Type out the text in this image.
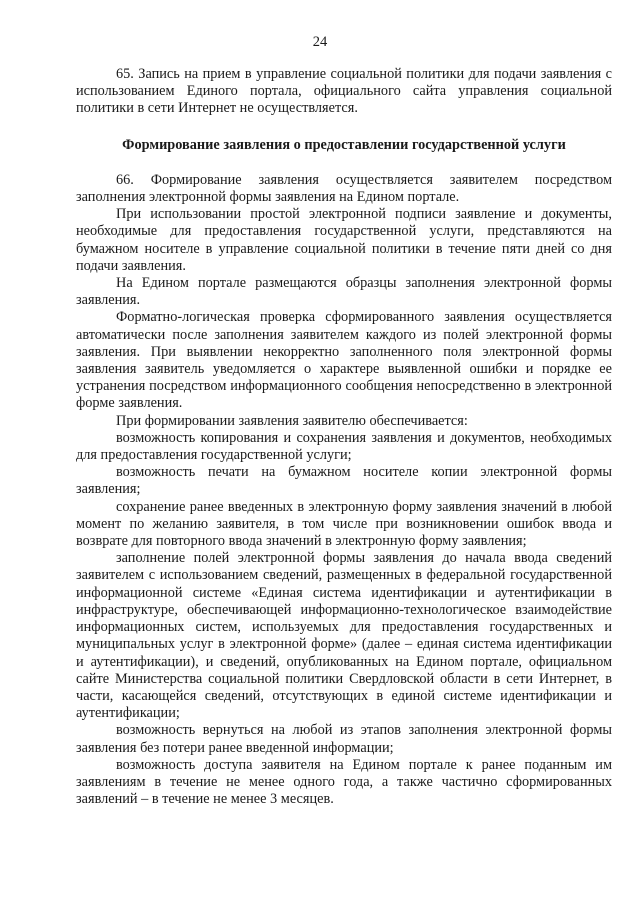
24

65. Запись на прием в управление социальной политики для подачи заявления с использованием Единого портала, официального сайта управления социальной политики в сети Интернет не осуществляется.

Формирование заявления о предоставлении государственной услуги

66. Формирование заявления осуществляется заявителем посредством заполнения электронной формы заявления на Едином портале.

При использовании простой электронной подписи заявление и документы, необходимые для предоставления государственной услуги, представляются на бумажном носителе в управление социальной политики в течение пяти дней со дня подачи заявления.

На Едином портале размещаются образцы заполнения электронной формы заявления.

Форматно-логическая проверка сформированного заявления осуществляется автоматически после заполнения заявителем каждого из полей электронной формы заявления. При выявлении некорректно заполненного поля электронной формы заявления заявитель уведомляется о характере выявленной ошибки и порядке ее устранения посредством информационного сообщения непосредственно в электронной форме заявления.

При формировании заявления заявителю обеспечивается:

возможность копирования и сохранения заявления и документов, необходимых для предоставления государственной услуги;

возможность печати на бумажном носителе копии электронной формы заявления;

сохранение ранее введенных в электронную форму заявления значений в любой момент по желанию заявителя, в том числе при возникновении ошибок ввода и возврате для повторного ввода значений в электронную форму заявления;

заполнение полей электронной формы заявления до начала ввода сведений заявителем с использованием сведений, размещенных в федеральной государственной информационной системе «Единая система идентификации и аутентификации в инфраструктуре, обеспечивающей информационно-технологическое взаимодействие информационных систем, используемых для предоставления государственных и муниципальных услуг в электронной форме» (далее – единая система идентификации и аутентификации), и сведений, опубликованных на Едином портале, официальном сайте Министерства социальной политики Свердловской области в сети Интернет, в части, касающейся сведений, отсутствующих в единой системе идентификации и аутентификации;

возможность вернуться на любой из этапов заполнения электронной формы заявления без потери ранее введенной информации;

возможность доступа заявителя на Едином портале к ранее поданным им заявлениям в течение не менее одного года, а также частично сформированных заявлений – в течение не менее 3 месяцев.
